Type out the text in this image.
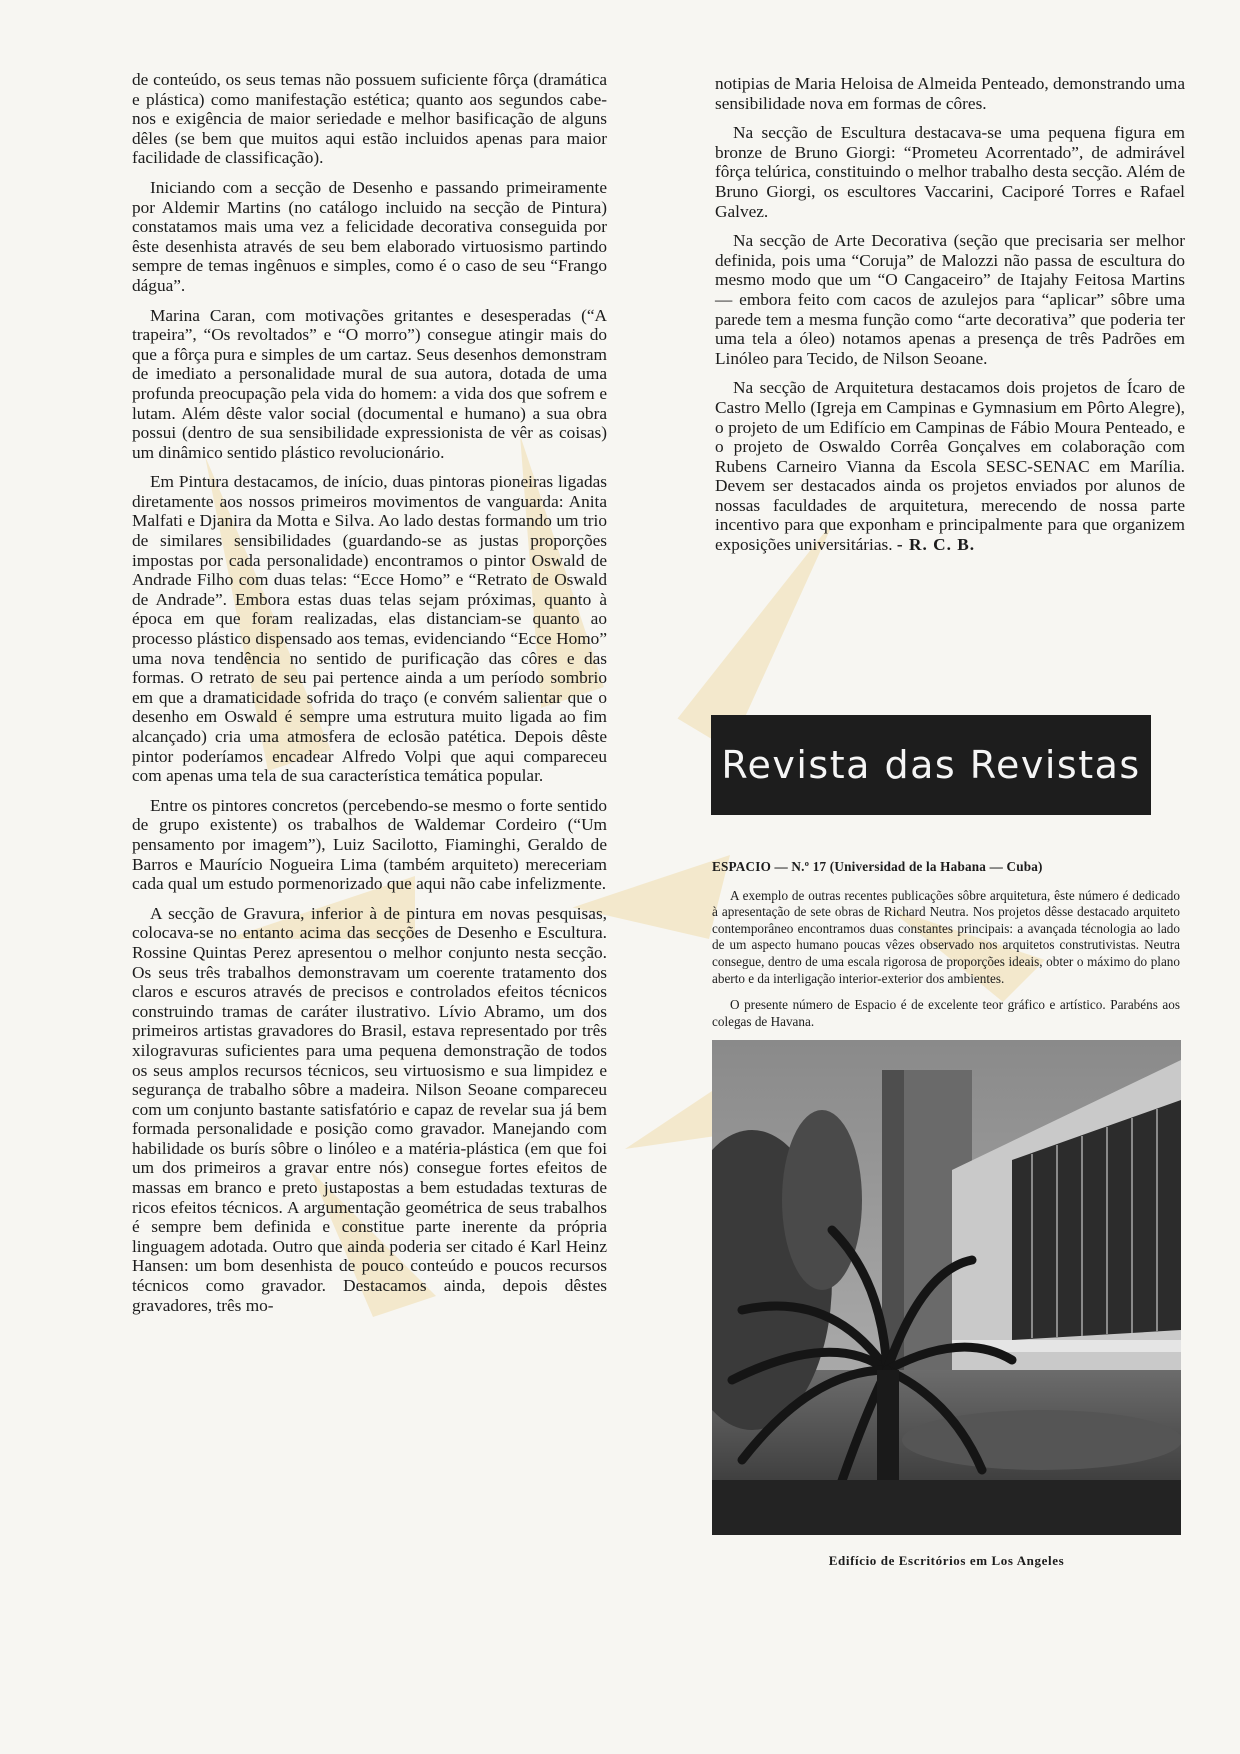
de conteúdo, os seus temas não possuem suficiente fôrça (dramática e plástica) como manifestação estética; quanto aos segundos cabe-nos e exigência de maior seriedade e melhor basificação de alguns dêles (se bem que muitos aqui estão incluidos apenas para maior facilidade de classificação).

Iniciando com a secção de Desenho e passando primeiramente por Aldemir Martins (no catálogo incluido na secção de Pintura) constatamos mais uma vez a felicidade decorativa conseguida por êste desenhista através de seu bem elaborado virtuosismo partindo sempre de temas ingênuos e simples, como é o caso de seu “Frango dágua”.

Marina Caran, com motivações gritantes e desesperadas (“A trapeira”, “Os revoltados” e “O morro”) consegue atingir mais do que a fôrça pura e simples de um cartaz. Seus desenhos demonstram de imediato a personalidade mural de sua autora, dotada de uma profunda preocupação pela vida do homem: a vida dos que sofrem e lutam. Além dêste valor social (documental e humano) a sua obra possui (dentro de sua sensibilidade expressionista de vêr as coisas) um dinâmico sentido plástico revolucionário.

Em Pintura destacamos, de início, duas pintoras pioneiras ligadas diretamente aos nossos primeiros movimentos de vanguarda: Anita Malfati e Djanira da Motta e Silva. Ao lado destas formando um trio de similares sensibilidades (guardando-se as justas proporções impostas por cada personalidade) encontramos o pintor Oswald de Andrade Filho com duas telas: “Ecce Homo” e “Retrato de Oswald de Andrade”. Embora estas duas telas sejam próximas, quanto à época em que foram realizadas, elas distanciam-se quanto ao processo plástico dispensado aos temas, evidenciando “Ecce Homo” uma nova tendência no sentido de purificação das côres e das formas. O retrato de seu pai pertence ainda a um período sombrio em que a dramaticidade sofrida do traço (e convém salientar que o desenho em Oswald é sempre uma estrutura muito ligada ao fim alcançado) cria uma atmosfera de eclosão patética. Depois dêste pintor poderíamos encadear Alfredo Volpi que aqui compareceu com apenas uma tela de sua característica temática popular.

Entre os pintores concretos (percebendo-se mesmo o forte sentido de grupo existente) os trabalhos de Waldemar Cordeiro (“Um pensamento por imagem”), Luiz Sacilotto, Fiaminghi, Geraldo de Barros e Maurício Nogueira Lima (também arquiteto) mereceriam cada qual um estudo pormenorizado que aqui não cabe infelizmente.

A secção de Gravura, inferior à de pintura em novas pesquisas, colocava-se no entanto acima das secções de Desenho e Escultura. Rossine Quintas Perez apresentou o melhor conjunto nesta secção. Os seus três trabalhos demonstravam um coerente tratamento dos claros e escuros através de precisos e controlados efeitos técnicos construindo tramas de caráter ilustrativo. Lívio Abramo, um dos primeiros artistas gravadores do Brasil, estava representado por três xilogravuras suficientes para uma pequena demonstração de todos os seus amplos recursos técnicos, seu virtuosismo e sua limpidez e segurança de trabalho sôbre a madeira. Nilson Seoane compareceu com um conjunto bastante satisfatório e capaz de revelar sua já bem formada personalidade e posição como gravador. Manejando com habilidade os burís sôbre o linóleo e a matéria-plástica (em que foi um dos primeiros a gravar entre nós) consegue fortes efeitos de massas em branco e preto justapostas a bem estudadas texturas de ricos efeitos técnicos. A argumentação geométrica de seus trabalhos é sempre bem definida e constitue parte inerente da própria linguagem adotada. Outro que ainda poderia ser citado é Karl Heinz Hansen: um bom desenhista de pouco conteúdo e poucos recursos técnicos como gravador. Destacamos ainda, depois dêstes gravadores, três mo-

notipias de Maria Heloisa de Almeida Penteado, demonstrando uma sensibilidade nova em formas de côres.

Na secção de Escultura destacava-se uma pequena figura em bronze de Bruno Giorgi: “Prometeu Acorrentado”, de admirável fôrça telúrica, constituindo o melhor trabalho desta secção. Além de Bruno Giorgi, os escultores Vaccarini, Caciporé Torres e Rafael Galvez.

Na secção de Arte Decorativa (seção que precisaria ser melhor definida, pois uma “Coruja” de Malozzi não passa de escultura do mesmo modo que um “O Cangaceiro” de Itajahy Feitosa Martins — embora feito com cacos de azulejos para “aplicar” sôbre uma parede tem a mesma função como “arte decorativa” que poderia ter uma tela a óleo) notamos apenas a presença de três Padrões em Linóleo para Tecido, de Nilson Seoane.

Na secção de Arquitetura destacamos dois projetos de Ícaro de Castro Mello (Igreja em Campinas e Gymnasium em Pôrto Alegre), o projeto de um Edifício em Campinas de Fábio Moura Penteado, e o projeto de Oswaldo Corrêa Gonçalves em colaboração com Rubens Carneiro Vianna da Escola SESC-SENAC em Marília. Devem ser destacados ainda os projetos enviados por alunos de nossas faculdades de arquitetura, merecendo de nossa parte incentivo para que exponham e principalmente para que organizem exposições universitárias. - R. C. B.

Revista das Revistas

ESPACIO — N.º 17 (Universidad de la Habana — Cuba)

A exemplo de outras recentes publicações sôbre arquitetura, êste número é dedicado à apresentação de sete obras de Richard Neutra. Nos projetos dêsse destacado arquiteto contemporâneo encontramos duas constantes principais: a avançada técnologia ao lado de um aspecto humano poucas vêzes observado nos arquitetos construtivistas. Neutra consegue, dentro de uma escala rigorosa de proporções ideais, obter o máximo do plano aberto e da interligação interior-exterior dos ambientes.

O presente número de Espacio é de excelente teor gráfico e artístico. Parabéns aos colegas de Havana.

Edifício de Escritórios em Los Angeles
